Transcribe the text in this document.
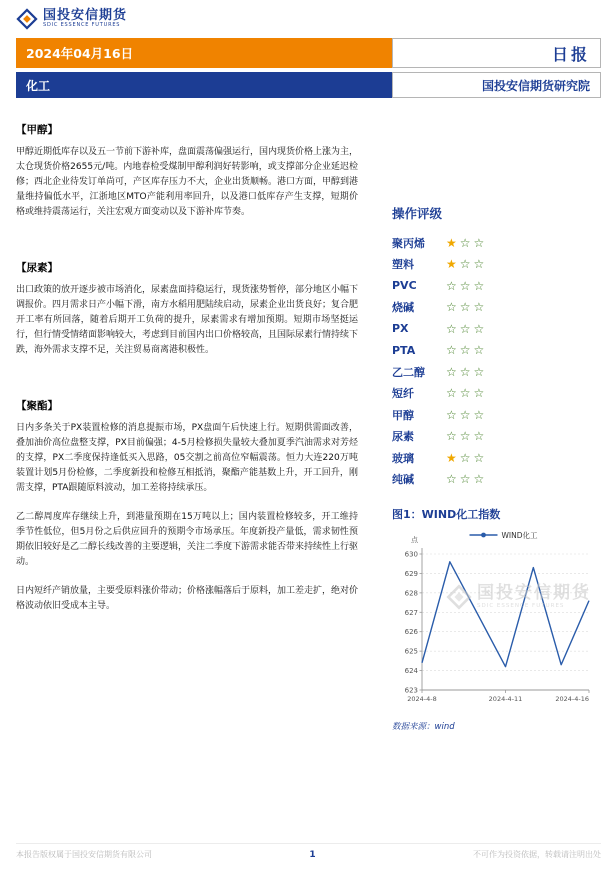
国投安信期货
SDIC ESSENCE FUTURES
2024年04月16日	日报
化工	国投安信期货研究院
【甲醇】

甲醇近期低库存以及五一节前下游补库，盘面震荡偏强运行，国内现货价格上涨为主，太仓现货价格2655元/吨。内地春检受煤制甲醇利润好转影响，或支撑部分企业延迟检修；西北企业待发订单尚可，产区库存压力不大，企业出货顺畅。港口方面，甲醇到港量维持偏低水平，江浙地区MTO产能利用率回升，以及港口低库存产生支撑，短期价格或维持震荡运行，关注宏观方面变动以及下游补库节奏。

【尿素】

出口政策的放开逐步被市场消化，尿素盘面持稳运行，现货涨势暂停，部分地区小幅下调报价。四月需求日产小幅下滑，南方水稻用肥陆续启动，尿素企业出货良好；复合肥开工率有所回落，随着后期开工负荷的提升，尿素需求有增加预期。短期市场坚挺运行，但行情受情绪面影响较大，考虑到目前国内出口价格较高，且国际尿素行情持续下跌，海外需求支撑不足，关注贸易商离港积极性。

【聚酯】

日内多条关于PX装置检修的消息提振市场，PX盘面午后快速上行。短期供需面改善，叠加油价高位盘整支撑，PX目前偏强；4-5月检修损失量较大叠加夏季汽油需求对芳烃的支撑，PX二季度保持逢低买入思路，05交割之前高位窄幅震荡。恒力大连220万吨装置计划5月份检修，二季度新投和检修互相抵消，聚酯产能基数上升，开工回升，刚需支撑，PTA跟随原料波动，加工差将持续承压。

乙二醇周度库存继续上升，到港量预期在15万吨以上；国内装置检修较多，开工维持季节性低位，但5月份之后供应回升的预期令市场承压。年度新投产量低，需求韧性预期依旧较好是乙二醇长线改善的主要逻辑，关注二季度下游需求能否带来持续性上行驱动。

日内短纤产销放量，主要受原料涨价带动；价格涨幅落后于原料，加工差走扩，绝对价格波动依旧受成本主导。

操作评级
聚丙烯	★☆☆
塑料	★☆☆
PVC	☆☆☆
烧碱	☆☆☆
PX	☆☆☆
PTA	☆☆☆
乙二醇	☆☆☆
短纤	☆☆☆
甲醇	☆☆☆
尿素	☆☆☆
玻璃	★☆☆
纯碱	☆☆☆
图1：WIND化工指数
623
624
625
626
627
628
629
630
点
2024-4-8	2024-4-11	2024-4-16
WIND化工
数据来源：wind
国投安信期货
SDIC ESSENCE FUTURES
本报告版权属于国投安信期货有限公司	1	不可作为投资依据，转载请注明出处
